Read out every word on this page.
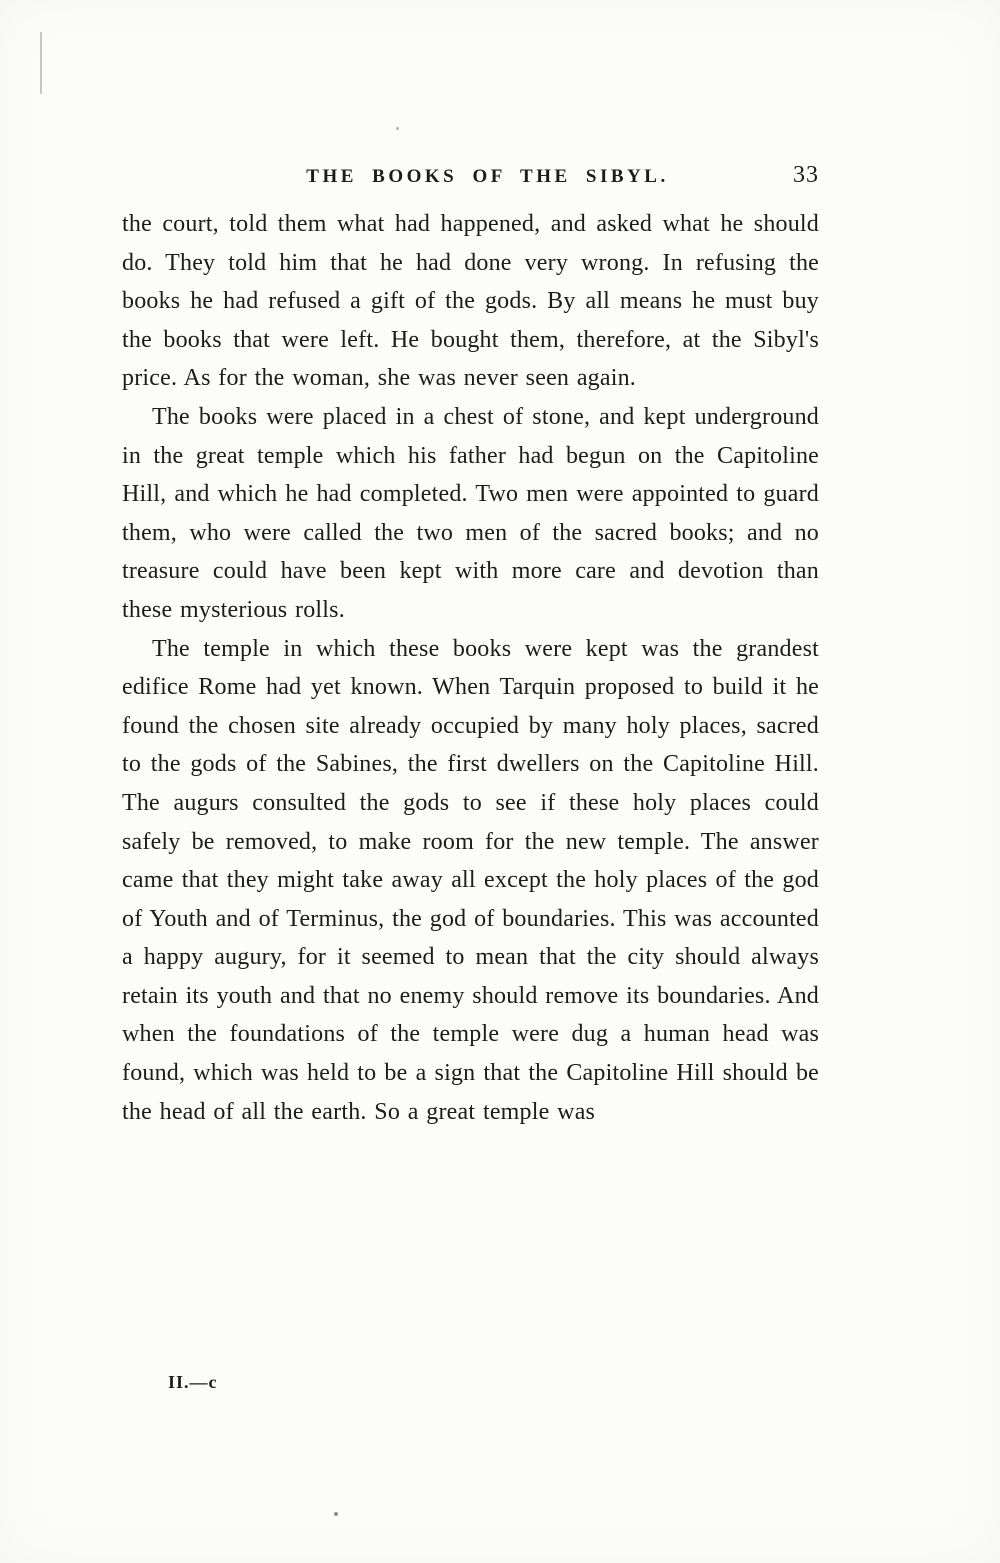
THE BOOKS OF THE SIBYL.	33

the court, told them what had happened, and asked what he should do. They told him that he had done very wrong. In refusing the books he had refused a gift of the gods. By all means he must buy the books that were left. He bought them, therefore, at the Sibyl's price. As for the woman, she was never seen again.

The books were placed in a chest of stone, and kept underground in the great temple which his father had begun on the Capitoline Hill, and which he had completed. Two men were appointed to guard them, who were called the two men of the sacred books; and no treasure could have been kept with more care and devotion than these mysterious rolls.

The temple in which these books were kept was the grandest edifice Rome had yet known. When Tarquin proposed to build it he found the chosen site already occupied by many holy places, sacred to the gods of the Sabines, the first dwellers on the Capitoline Hill. The augurs consulted the gods to see if these holy places could safely be removed, to make room for the new temple. The answer came that they might take away all except the holy places of the god of Youth and of Terminus, the god of boundaries. This was accounted a happy augury, for it seemed to mean that the city should always retain its youth and that no enemy should remove its boundaries. And when the foundations of the temple were dug a human head was found, which was held to be a sign that the Capitoline Hill should be the head of all the earth. So a great temple was

II.—c
